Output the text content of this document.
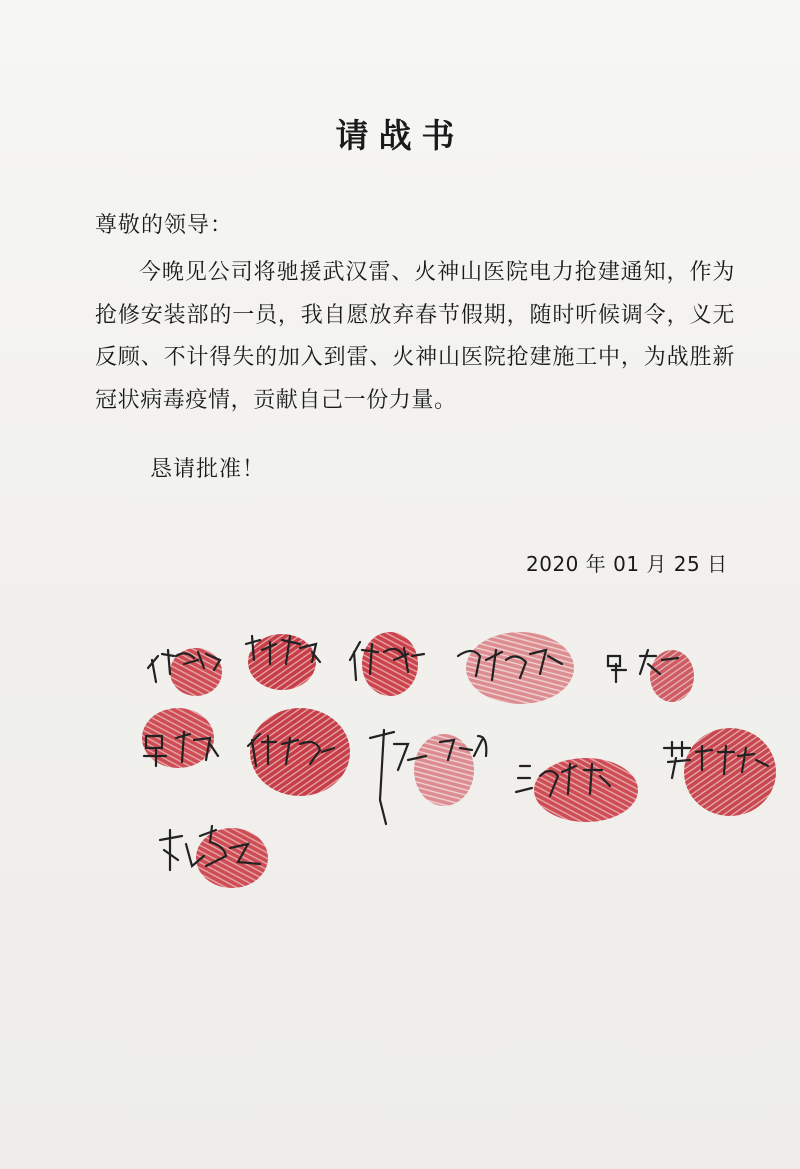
请战书
尊敬的领导：

今晚见公司将驰援武汉雷、火神山医院电力抢建通知，作为抢修安装部的一员，我自愿放弃春节假期，随时听候调令，义无反顾、不计得失的加入到雷、火神山医院抢建施工中，为战胜新冠状病毒疫情，贡献自己一份力量。

恳请批准！
2020 年 01 月 25 日
